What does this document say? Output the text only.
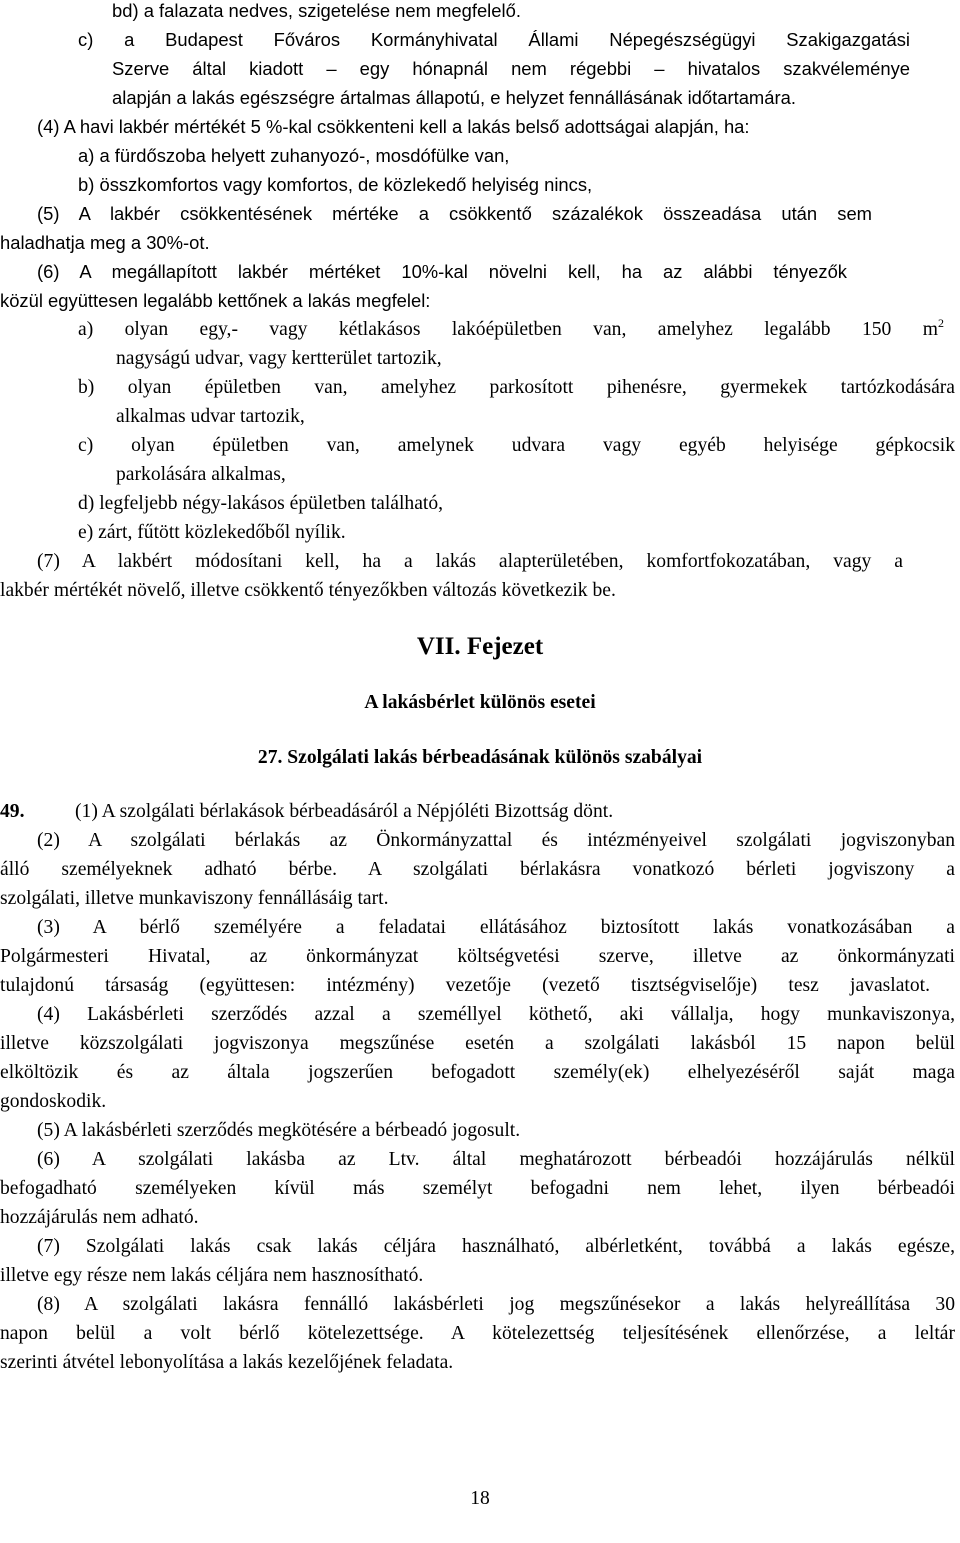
bd) a falazata nedves, szigetelése nem megfelelő.
c) a Budapest Főváros Kormányhivatal Állami Népegészségügyi Szakigazgatási
Szerve által kiadott – egy hónapnál nem régebbi – hivatalos szakvéleménye
alapján a lakás egészségre ártalmas állapotú, e helyzet fennállásának időtartamára.
(4) A havi lakbér mértékét 5 %-kal csökkenteni kell a lakás belső adottságai alapján, ha:
a) a fürdőszoba helyett zuhanyozó-, mosdófülke van,
b) összkomfortos vagy komfortos, de közlekedő helyiség nincs,
(5) A lakbér csökkentésének mértéke a csökkentő százalékok összeadása után sem
haladhatja meg a 30%-ot.
(6) A megállapított lakbér mértéket 10%-kal növelni kell, ha az alábbi tényezők
közül együttesen legalább kettőnek a lakás megfelel:
a) olyan egy,- vagy kétlakásos lakóépületben van, amelyhez legalább 150 $m^2$
nagyságú udvar, vagy kertterület tartozik,
b) olyan épületben van, amelyhez parkosított pihenésre, gyermekek tartózkodására
alkalmas udvar tartozik,
c) olyan épületben van, amelynek udvara vagy egyéb helyisége gépkocsik
parkolására alkalmas,
d) legfeljebb négy-lakásos épületben található,
e) zárt, fűtött közlekedőből nyílik.
(7) A lakbért módosítani kell, ha a lakás alapterületében, komfortfokozatában, vagy a
lakbér mértékét növelő, illetve csökkentő tényezőkben változás következik be.
VII. Fejezet
A lakásbérlet különös esetei
27. Szolgálati lakás bérbeadásának különös szabályai
49.	(1) A szolgálati bérlakások bérbeadásáról a Népjóléti Bizottság dönt.
(2) A szolgálati bérlakás az Önkormányzattal és intézményeivel szolgálati jogviszonyban
álló személyeknek adható bérbe. A szolgálati bérlakásra vonatkozó bérleti jogviszony a
szolgálati, illetve munkaviszony fennállásáig tart.
(3) A bérlő személyére a feladatai ellátásához biztosított lakás vonatkozásában a
Polgármesteri Hivatal, az önkormányzat költségvetési szerve, illetve az önkormányzati
tulajdonú társaság (együttesen: intézmény) vezetője (vezető tisztségviselője) tesz javaslatot.
(4) Lakásbérleti szerződés azzal a személlyel köthető, aki vállalja, hogy munkaviszonya,
illetve közszolgálati jogviszonya megszűnése esetén a szolgálati lakásból 15 napon belül
elköltözik és az általa jogszerűen befogadott személy(ek) elhelyezéséről saját maga
gondoskodik.
(5) A lakásbérleti szerződés megkötésére a bérbeadó jogosult.
(6) A szolgálati lakásba az Ltv. által meghatározott bérbeadói hozzájárulás nélkül
befogadható személyeken kívül más személyt befogadni nem lehet, ilyen bérbeadói
hozzájárulás nem adható.
(7) Szolgálati lakás csak lakás céljára használható, albérletként, továbbá a lakás egésze,
illetve egy része nem lakás céljára nem hasznosítható.
(8) A szolgálati lakásra fennálló lakásbérleti jog megszűnésekor a lakás helyreállítása 30
napon belül a volt bérlő kötelezettsége. A kötelezettség teljesítésének ellenőrzése, a leltár
szerinti átvétel lebonyolítása a lakás kezelőjének feladata.
18
